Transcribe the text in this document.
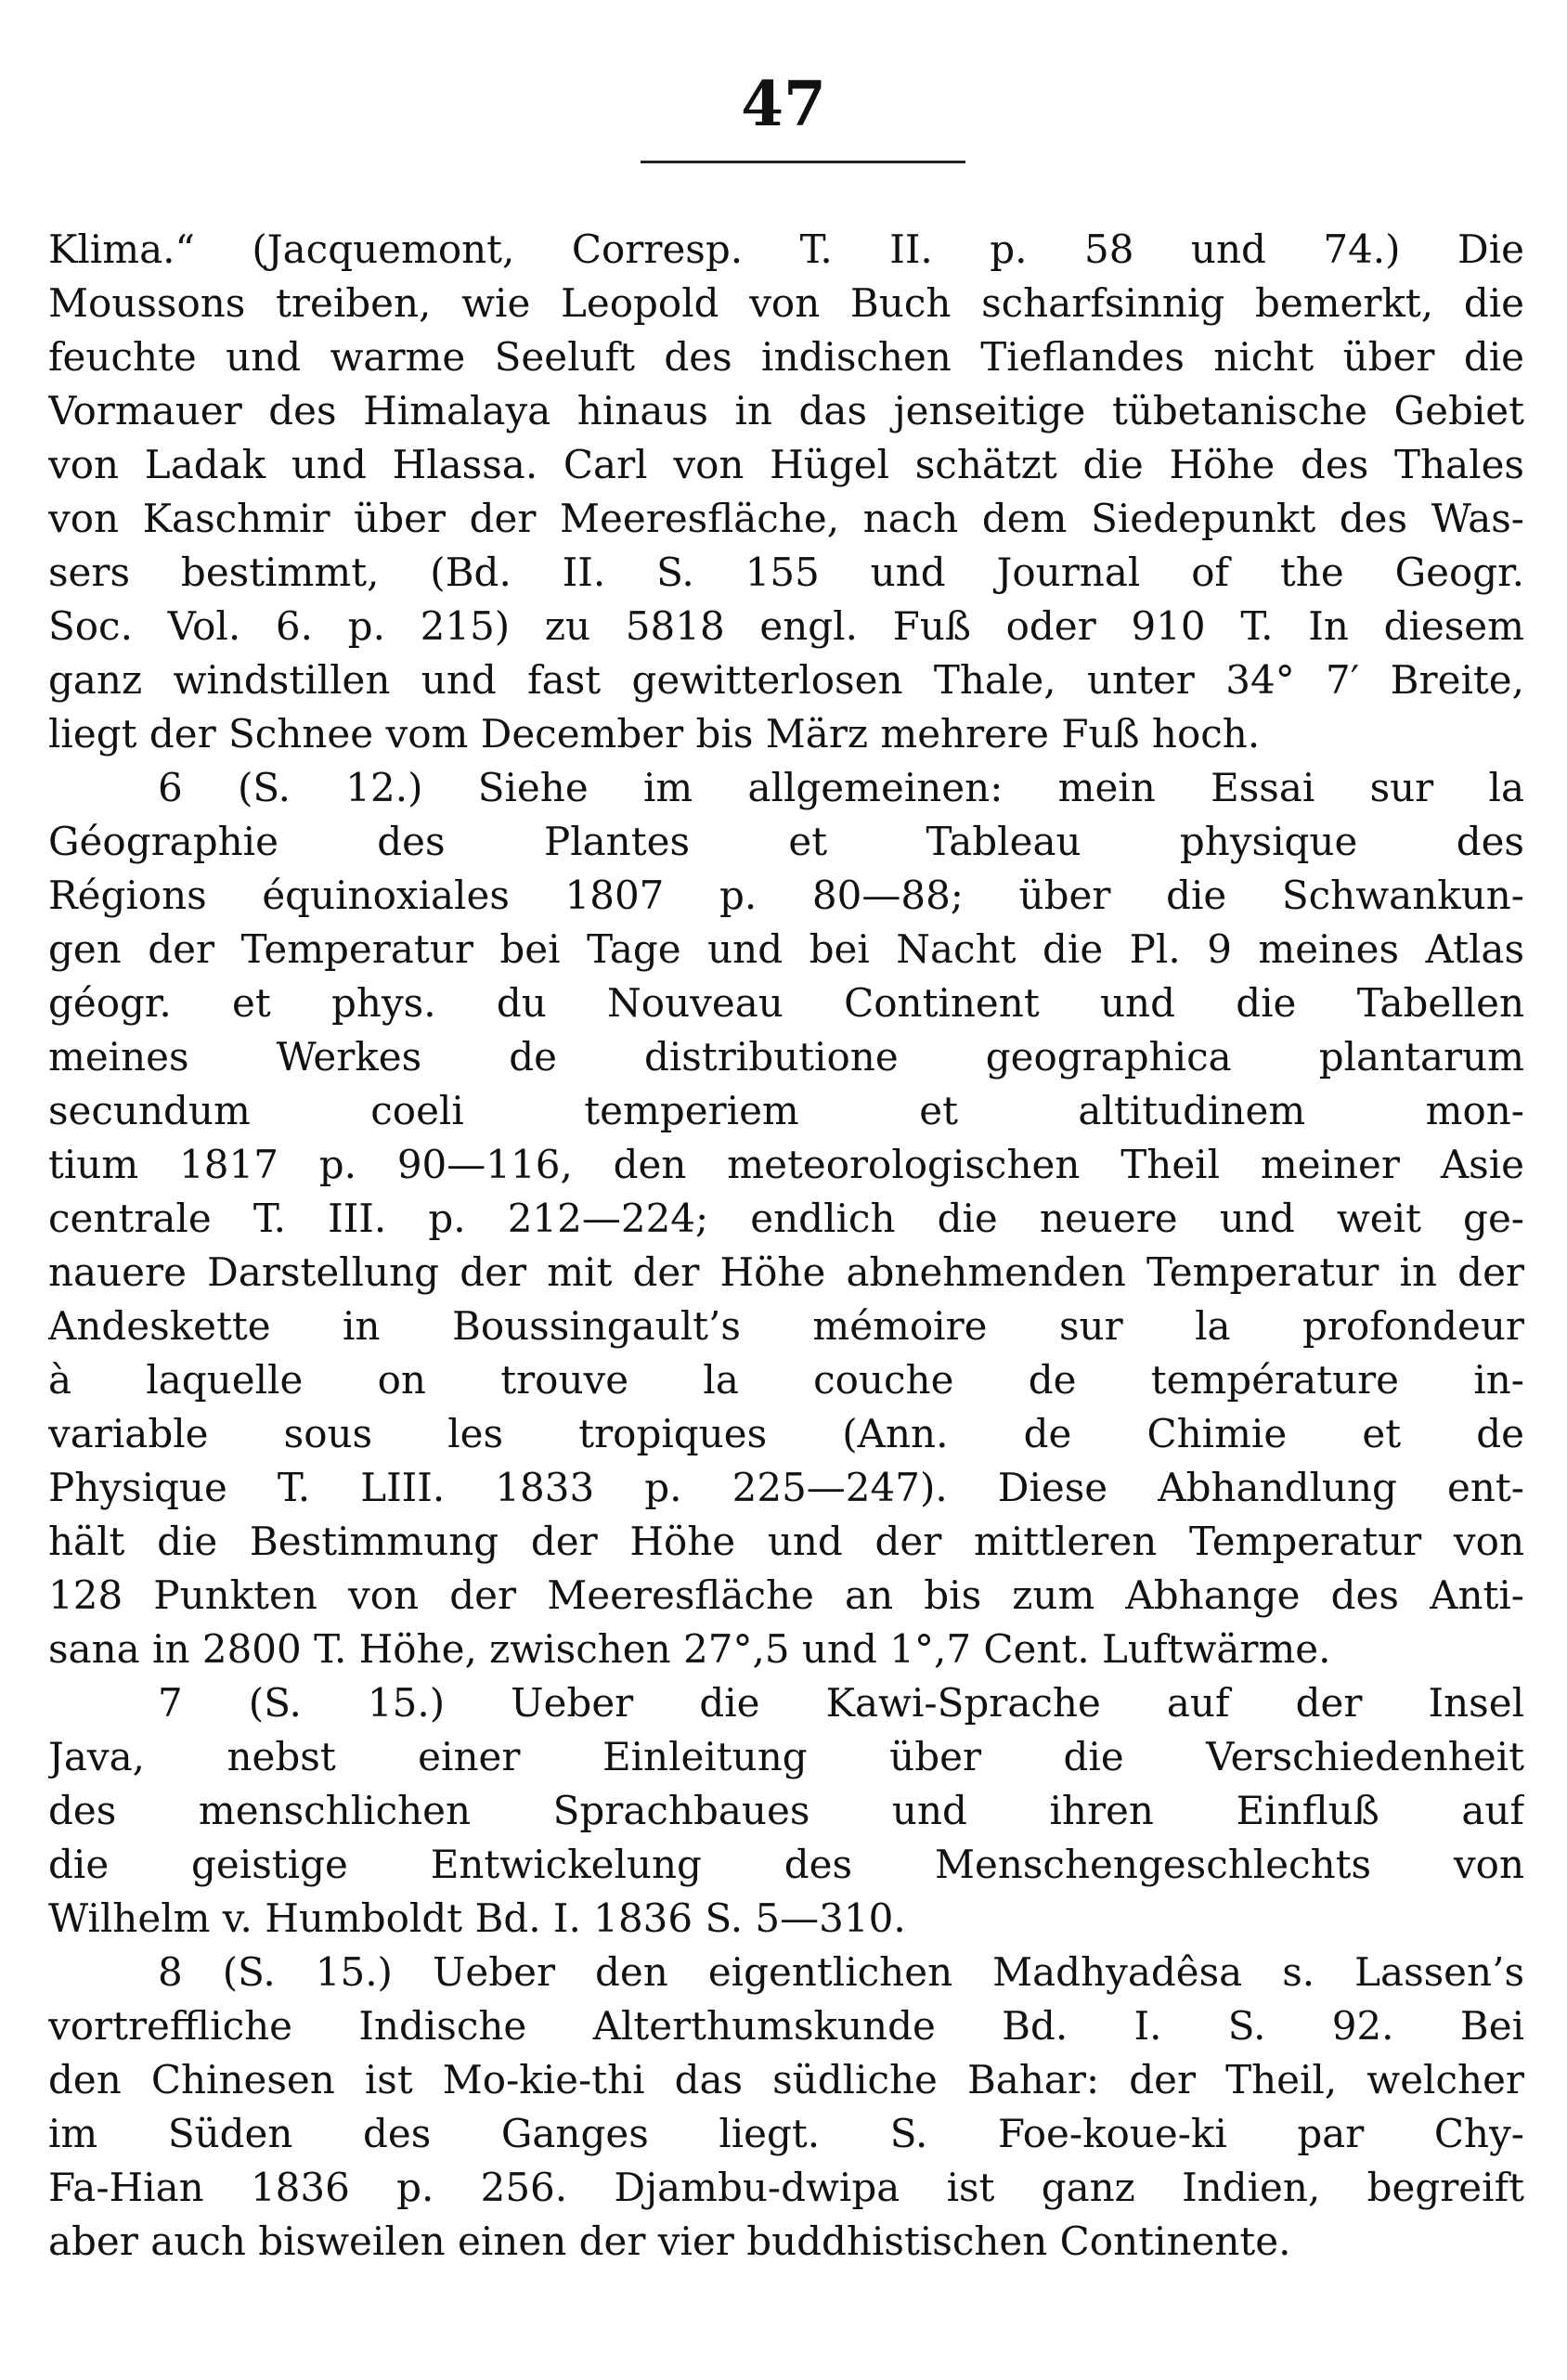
47
Klima.“ (Jacquemont, Corresp. T. II. p. 58 und 74.) Die
Moussons treiben, wie Leopold von Buch scharfsinnig bemerkt, die
feuchte und warme Seeluft des indischen Tieflandes nicht über die
Vormauer des Himalaya hinaus in das jenseitige tübetanische Gebiet
von Ladak und Hlassa. Carl von Hügel schätzt die Höhe des Thales
von Kaschmir über der Meeresfläche, nach dem Siedepunkt des Was-
sers bestimmt, (Bd. II. S. 155 und Journal of the Geogr.
Soc. Vol. 6. p. 215) zu 5818 engl. Fuß oder 910 T. In diesem
ganz windstillen und fast gewitterlosen Thale, unter 34° 7′ Breite,
liegt der Schnee vom December bis März mehrere Fuß hoch.
6 (S. 12.) Siehe im allgemeinen: mein Essai sur la
Géographie des Plantes et Tableau physique des
Régions équinoxiales 1807 p. 80—88; über die Schwankun-
gen der Temperatur bei Tage und bei Nacht die Pl. 9 meines Atlas
géogr. et phys. du Nouveau Continent und die Tabellen
meines Werkes de distributione geographica plantarum
secundum coeli temperiem et altitudinem mon-
tium 1817 p. 90—116, den meteorologischen Theil meiner Asie
centrale T. III. p. 212—224; endlich die neuere und weit ge-
nauere Darstellung der mit der Höhe abnehmenden Temperatur in der
Andeskette in Boussingault’s mémoire sur la profondeur
à laquelle on trouve la couche de température in-
variable sous les tropiques (Ann. de Chimie et de
Physique T. LIII. 1833 p. 225—247). Diese Abhandlung ent-
hält die Bestimmung der Höhe und der mittleren Temperatur von
128 Punkten von der Meeresfläche an bis zum Abhange des Anti-
sana in 2800 T. Höhe, zwischen 27°,5 und 1°,7 Cent. Luftwärme.
7 (S. 15.) Ueber die Kawi-Sprache auf der Insel
Java, nebst einer Einleitung über die Verschiedenheit
des menschlichen Sprachbaues und ihren Einfluß auf
die geistige Entwickelung des Menschengeschlechts von
Wilhelm v. Humboldt Bd. I. 1836 S. 5—310.
8 (S. 15.) Ueber den eigentlichen Madhyadêsa s. Lassen’s
vortreffliche Indische Alterthumskunde Bd. I. S. 92. Bei
den Chinesen ist Mo-kie-thi das südliche Bahar: der Theil, welcher
im Süden des Ganges liegt. S. Foe-koue-ki par Chy-
Fa-Hian 1836 p. 256. Djambu-dwipa ist ganz Indien, begreift
aber auch bisweilen einen der vier buddhistischen Continente.
